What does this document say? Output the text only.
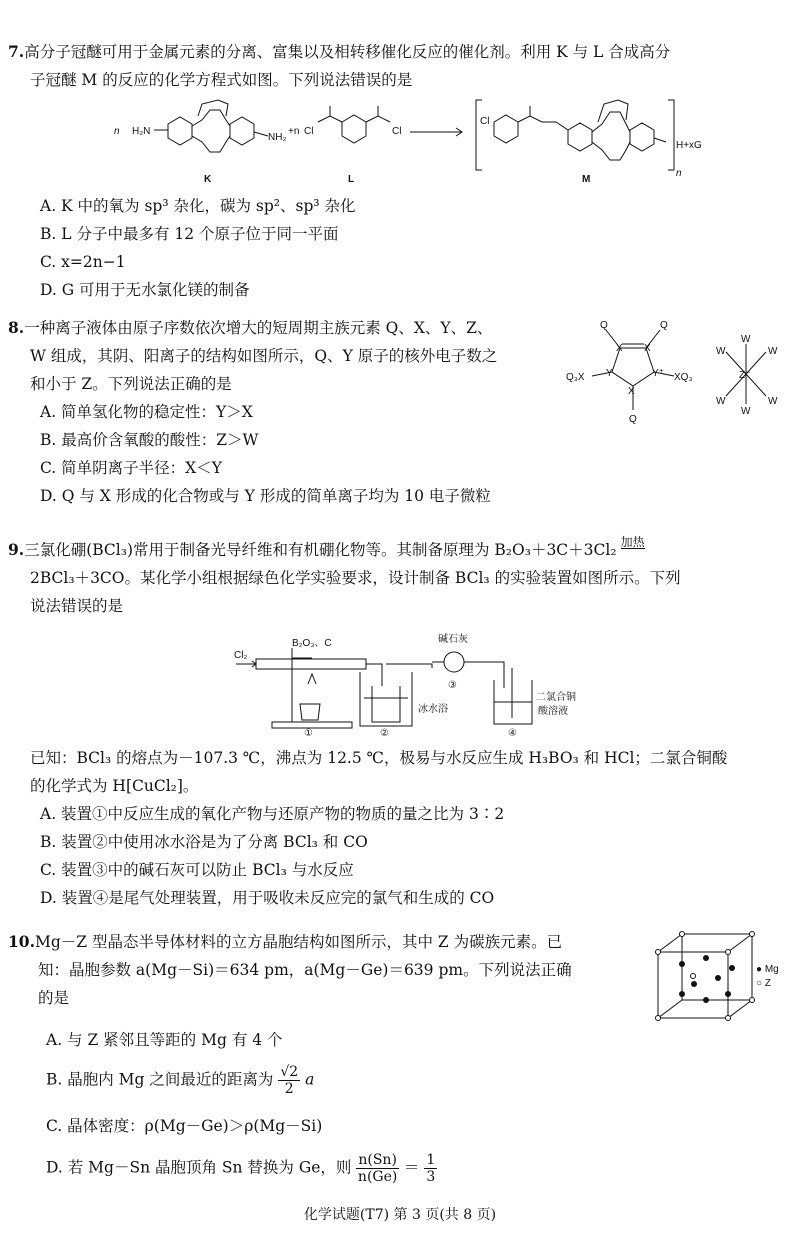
7.高分子冠醚可用于金属元素的分离、富集以及相转移催化反应的催化剂。利用 K 与 L 合成高分
子冠醚 M 的反应的化学方程式如图。下列说法错误的是
n H₂N
NH₂
+n Cl	Cl
Cl
H+xG
n
K	L	M
A. K 中的氧为 sp³ 杂化，碳为 sp²、sp³ 杂化
B. L 分子中最多有 12 个原子位于同一平面
C. x=2n−1
D. G 可用于无水氯化镁的制备
8.一种离子液体由原子序数依次增大的短周期主族元素 Q、X、Y、Z、
W 组成，其阴、阳离子的结构如图所示，Q、Y 原子的核外电子数之
和小于 Z。下列说法正确的是
A. 简单氢化物的稳定性：Y＞X
B. 最高价含氧酸的酸性：Z＞W
C. 简单阴离子半径：X＜Y
D. Q 与 X 形成的化合物或与 Y 形成的简单离子均为 10 电子微粒
Q	Q
X X
Q₃X Y	Y⁺ XQ₃
X
Q
W
W	W
Z⁻
W	W
W
9.三氯化硼(BCl₃)常用于制备光导纤维和有机硼化物等。其制备原理为 B₂O₃＋3C＋3Cl₂ 加热
2BCl₃＋3CO。某化学小组根据绿色化学实验要求，设计制备 BCl₃ 的实验装置如图所示。下列
说法错误的是
Cl₂
B₂O₃、C	碱石灰
冰水浴
二氯合铜
酸溶液
①	②
③
④
已知：BCl₃ 的熔点为－107.3 ℃，沸点为 12.5 ℃，极易与水反应生成 H₃BO₃ 和 HCl；二氯合铜酸
的化学式为 H[CuCl₂]。
A. 装置①中反应生成的氧化产物与还原产物的物质的量之比为 3∶2
B. 装置②中使用冰水浴是为了分离 BCl₃ 和 CO
C. 装置③中的碱石灰可以防止 BCl₃ 与水反应
D. 装置④是尾气处理装置，用于吸收未反应完的氯气和生成的 CO
10.Mg－Z 型晶态半导体材料的立方晶胞结构如图所示，其中 Z 为碳族元素。已
知：晶胞参数 a(Mg－Si)＝634 pm，a(Mg－Ge)＝639 pm。下列说法正确
的是
● Mg
○ Z
A. 与 Z 紧邻且等距的 Mg 有 4 个
B. 晶胞内 Mg 之间最近的距离为 $\frac{√2}{2}$ a
C. 晶体密度：ρ(Mg－Ge)＞ρ(Mg－Si)
D. 若 Mg－Sn 晶胞顶角 Sn 替换为 Ge，则 $\frac{n(Sn)}{n(Ge)} = \frac{1}{3}$
化学试题(T7) 第 3 页(共 8 页)
